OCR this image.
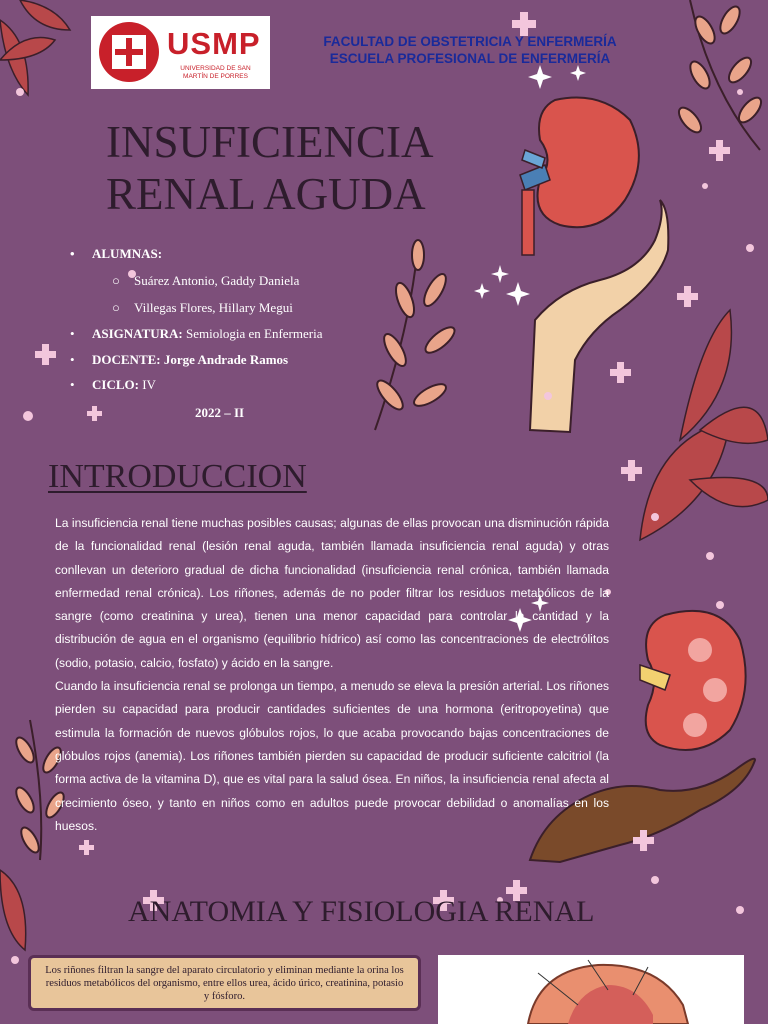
USMP
UNIVERSIDAD DE SAN MARTÍN DE PORRES
FACULTAD DE OBSTETRICIA Y ENFERMERÍA
ESCUELA PROFESIONAL DE ENFERMERÍA
INSUFICIENCIA
RENAL AGUDA
• ALUMNAS:
○ Suárez Antonio, Gaddy Daniela
○ Villegas Flores, Hillary Megui
• ASIGNATURA: Semiologia en Enfermeria
• DOCENTE: Jorge Andrade Ramos
• CICLO: IV
2022 – II
INTRODUCCION

La insuficiencia renal tiene muchas posibles causas; algunas de ellas provocan una disminución rápida de la funcionalidad renal (lesión renal aguda, también llamada insuficiencia renal aguda) y otras conllevan un deterioro gradual de dicha funcionalidad (insuficiencia renal crónica, también llamada enfermedad renal crónica). Los riñones, además de no poder filtrar los residuos metabólicos de la sangre (como creatinina y urea), tienen una menor capacidad para controlar la cantidad y la distribución de agua en el organismo (equilibrio hídrico) así como las concentraciones de electrólitos (sodio, potasio, calcio, fosfato) y ácido en la sangre.

Cuando la insuficiencia renal se prolonga un tiempo, a menudo se eleva la presión arterial. Los riñones pierden su capacidad para producir cantidades suficientes de una hormona (eritropoyetina) que estimula la formación de nuevos glóbulos rojos, lo que acaba provocando bajas concentraciones de glóbulos rojos (anemia). Los riñones también pierden su capacidad de producir suficiente calcitriol (la forma activa de la vitamina D), que es vital para la salud ósea. En niños, la insuficiencia renal afecta al crecimiento óseo, y tanto en niños como en adultos puede provocar debilidad o anomalías en los huesos.

ANATOMIA Y FISIOLOGIA RENAL
Los riñones filtran la sangre del aparato circulatorio y eliminan mediante la orina los residuos metabólicos del organismo, entre ellos urea, ácido úrico, creatinina, potasio y fósforo.
